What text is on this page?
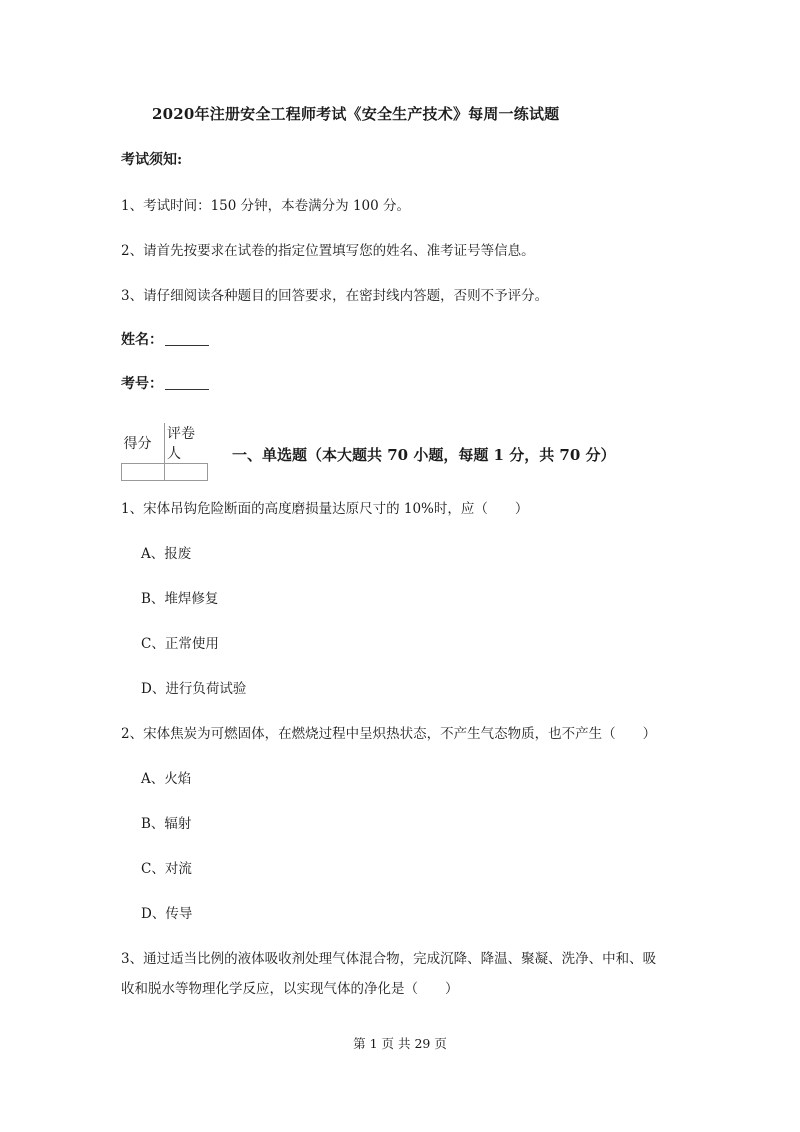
2020年注册安全工程师考试《安全生产技术》每周一练试题
考试须知:
1、考试时间：150 分钟，本卷满分为 100 分。
2、请首先按要求在试卷的指定位置填写您的姓名、准考证号等信息。
3、请仔细阅读各种题目的回答要求，在密封线内答题，否则不予评分。
姓名：
考号：
得分	评卷人
		一、单选题（本大题共 70 小题，每题 1 分，共 70 分）
1、宋体吊钩危险断面的高度磨损量达原尺寸的 10%时，应（　　）
A、报废
B、堆焊修复
C、正常使用
D、进行负荷试验
2、宋体焦炭为可燃固体，在燃烧过程中呈炽热状态，不产生气态物质，也不产生（　　）
A、火焰
B、辐射
C、对流
D、传导
3、通过适当比例的液体吸收剂处理气体混合物，完成沉降、降温、聚凝、洗净、中和、吸
收和脱水等物理化学反应，以实现气体的净化是（　　）
第 1 页 共 29 页
